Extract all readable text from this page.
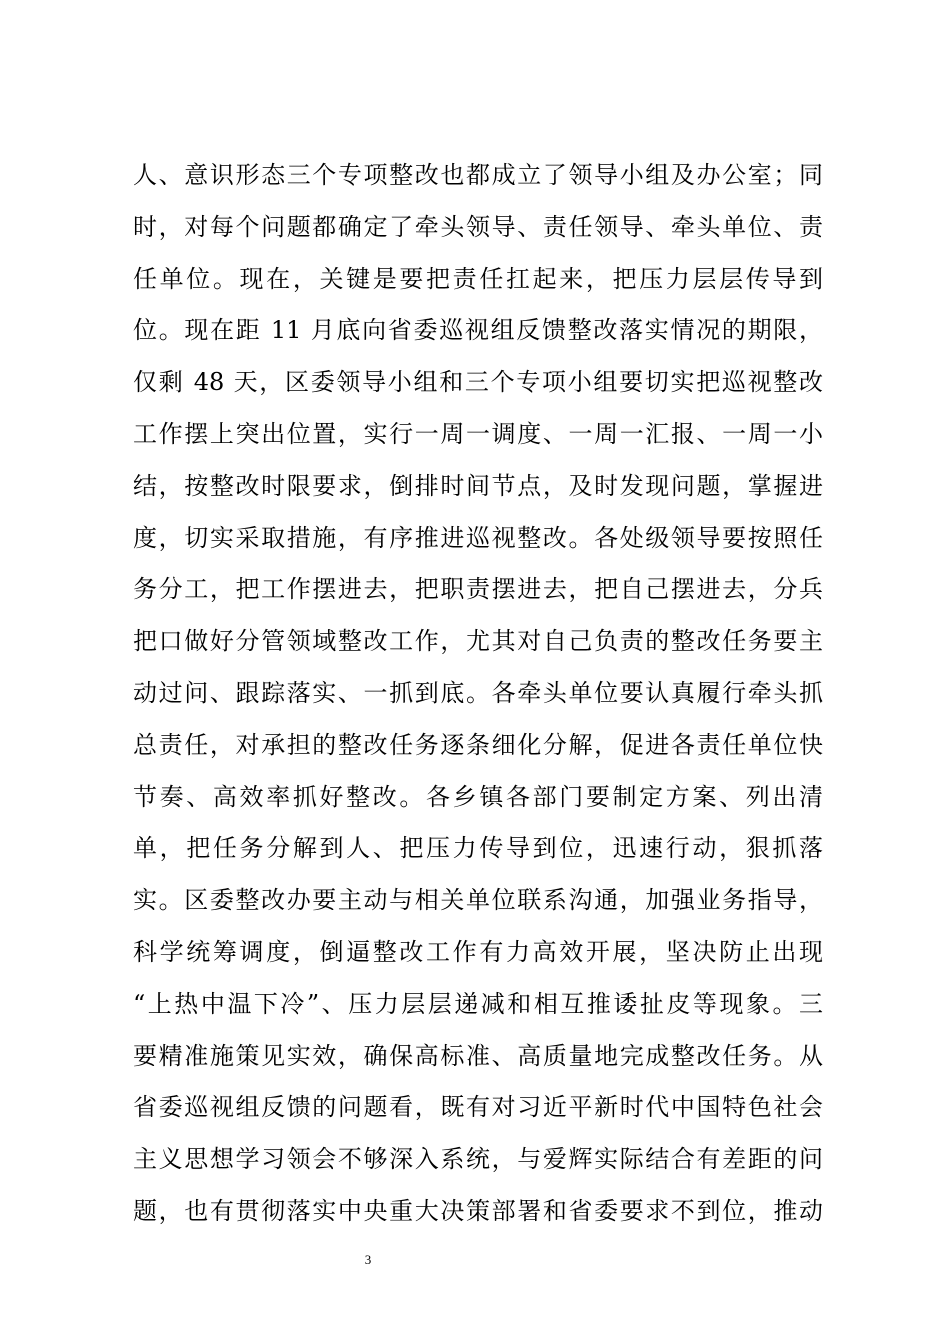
人、意识形态三个专项整改也都成立了领导小组及办公室；同
时，对每个问题都确定了牵头领导、责任领导、牵头单位、责
任单位。现在，关键是要把责任扛起来，把压力层层传导到
位。现在距 11 月底向省委巡视组反馈整改落实情况的期限，
仅剩 48 天，区委领导小组和三个专项小组要切实把巡视整改
工作摆上突出位置，实行一周一调度、一周一汇报、一周一小
结，按整改时限要求，倒排时间节点，及时发现问题，掌握进
度，切实采取措施，有序推进巡视整改。各处级领导要按照任
务分工，把工作摆进去，把职责摆进去，把自己摆进去，分兵
把口做好分管领域整改工作，尤其对自己负责的整改任务要主
动过问、跟踪落实、一抓到底。各牵头单位要认真履行牵头抓
总责任，对承担的整改任务逐条细化分解，促进各责任单位快
节奏、高效率抓好整改。各乡镇各部门要制定方案、列出清
单，把任务分解到人、把压力传导到位，迅速行动，狠抓落
实。区委整改办要主动与相关单位联系沟通，加强业务指导，
科学统筹调度，倒逼整改工作有力高效开展，坚决防止出现
“上热中温下冷”、压力层层递减和相互推诿扯皮等现象。三
要精准施策见实效，确保高标准、高质量地完成整改任务。从
省委巡视组反馈的问题看，既有对习近平新时代中国特色社会
主义思想学习领会不够深入系统，与爱辉实际结合有差距的问
题，也有贯彻落实中央重大决策部署和省委要求不到位，推动
3
